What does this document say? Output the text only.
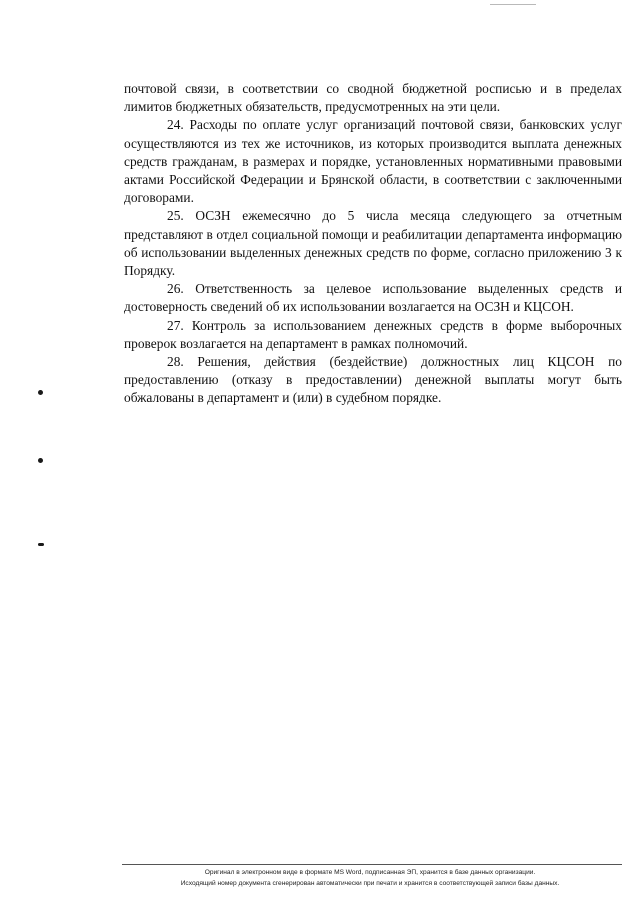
почтовой связи, в соответствии со сводной бюджетной росписью и в пределах лимитов бюджетных обязательств, предусмотренных на эти цели.

24. Расходы по оплате услуг организаций почтовой связи, банковских услуг осуществляются из тех же источников, из которых производится выплата денежных средств гражданам, в размерах и порядке, установленных нормативными правовыми актами Российской Федерации и Брянской области, в соответствии с заключенными договорами.

25. ОСЗН ежемесячно до 5 числа месяца следующего за отчетным представляют в отдел социальной помощи и реабилитации департамента информацию об использовании выделенных денежных средств по форме, согласно приложению 3 к Порядку.

26. Ответственность за целевое использование выделенных средств и достоверность сведений об их использовании возлагается на ОСЗН и КЦСОН.

27. Контроль за использованием денежных средств в форме выборочных проверок возлагается на департамент в рамках полномочий.

28. Решения, действия (бездействие) должностных лиц КЦСОН по предоставлению (отказу в предоставлении) денежной выплаты могут быть обжалованы в департамент и (или) в судебном порядке.

Оригинал в электронном виде в формате MS Word, подписанная ЭП, хранится в базе данных организации.
Исходящий номер документа сгенерирован автоматически при печати и хранится в соответствующей записи базы данных.
